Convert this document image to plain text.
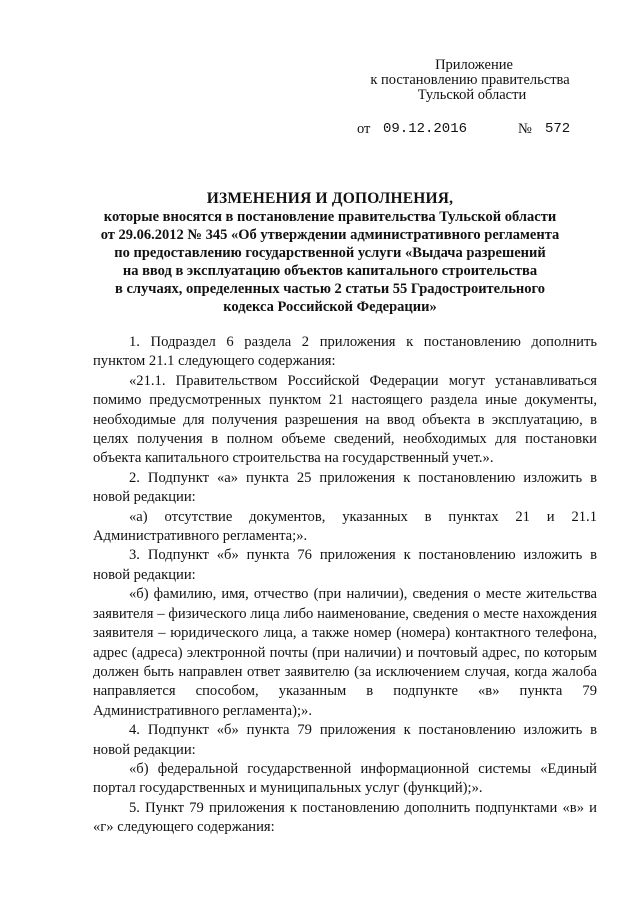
Приложение
к постановлению правительства
Тульской области
от 09.12.2016	№ 572
ИЗМЕНЕНИЯ И ДОПОЛНЕНИЯ,
которые вносятся в постановление правительства Тульской области
от 29.06.2012 № 345 «Об утверждении административного регламента
по предоставлению государственной услуги «Выдача разрешений
на ввод в эксплуатацию объектов капитального строительства
в случаях, определенных частью 2 статьи 55 Градостроительного
кодекса Российской Федерации»

1. Подраздел 6 раздела 2 приложения к постановлению дополнить пунктом 21.1 следующего содержания:

«21.1. Правительством Российской Федерации могут устанавливаться помимо предусмотренных пунктом 21 настоящего раздела иные документы, необходимые для получения разрешения на ввод объекта в эксплуатацию, в целях получения в полном объеме сведений, необходимых для постановки объекта капитального строительства на государственный учет.».

2. Подпункт «а» пункта 25 приложения к постановлению изложить в новой редакции:

«а) отсутствие документов, указанных в пунктах 21 и 21.1 Административного регламента;».

3. Подпункт «б» пункта 76 приложения к постановлению изложить в новой редакции:

«б) фамилию, имя, отчество (при наличии), сведения о месте жительства заявителя – физического лица либо наименование, сведения о месте нахождения заявителя – юридического лица, а также номер (номера) контактного телефона, адрес (адреса) электронной почты (при наличии) и почтовый адрес, по которым должен быть направлен ответ заявителю (за исключением случая, когда жалоба направляется способом, указанным в подпункте «в» пункта 79 Административного регламента);».

4. Подпункт «б» пункта 79 приложения к постановлению изложить в новой редакции:

«б) федеральной государственной информационной системы «Единый портал государственных и муниципальных услуг (функций);».

5. Пункт 79 приложения к постановлению дополнить подпунктами «в» и «г» следующего содержания:
